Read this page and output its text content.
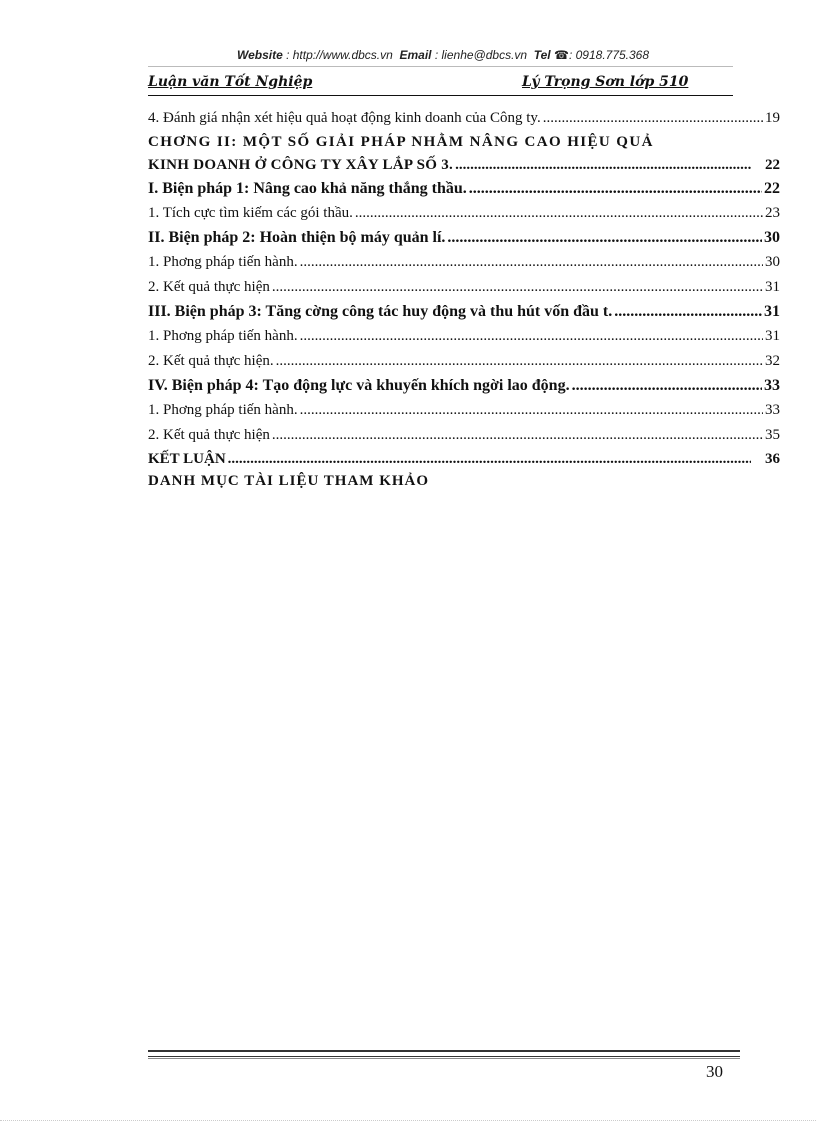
Website : http://www.dbcs.vn Email : lienhe@dbcs.vn Tel ☎: 0918.775.368
Luận văn Tốt Nghiệp	Lý Trọng Sơn lớp 510
4. Đánh giá nhận xét hiệu quả hoạt động kinh doanh của Công ty. .....	19
CHƠNG II: MỘT SỐ GIẢI PHÁP NHẰM NÂNG CAO HIỆU QUẢ
KINH DOANH Ở CÔNG TY XÂY LẮP SỐ 3. .....	22
I. Biện pháp 1: Nâng cao khả năng thắng thầu. .....	22
1. Tích cực tìm kiếm các gói thầu. .....	23
II. Biện pháp 2: Hoàn thiện bộ máy quản lí. .....	30
1. Phơng pháp tiến hành. .....	30
2. Kết quả thực hiện .....	31
III. Biện pháp 3: Tăng cờng công tác huy động và thu hút vốn đầu t. .....	31
1. Phơng pháp tiến hành. .....	31
2. Kết quả thực hiện. .....	32
IV. Biện pháp 4: Tạo động lực và khuyến khích ngời lao động. .....	33
1. Phơng pháp tiến hành. .....	33
2. Kết quả thực hiện .....	35
KẾT LUẬN .....	36
DANH MỤC TÀI LIỆU THAM KHẢO
30
